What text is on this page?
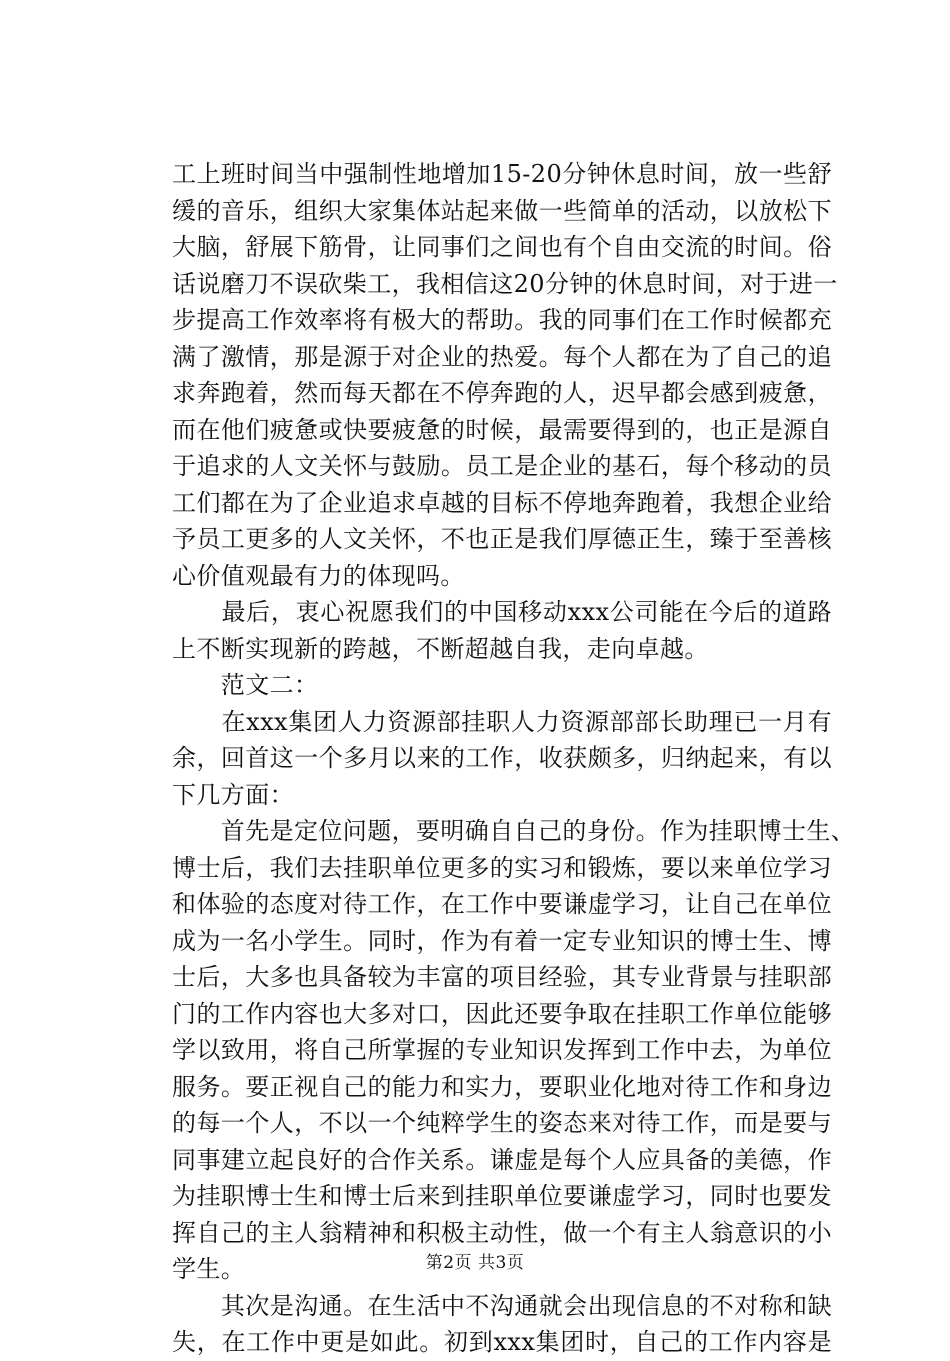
工上班时间当中强制性地增加15-20分钟休息时间，放一些舒
缓的音乐，组织大家集体站起来做一些简单的活动，以放松下
大脑，舒展下筋骨，让同事们之间也有个自由交流的时间。俗
话说磨刀不误砍柴工，我相信这20分钟的休息时间，对于进一
步提高工作效率将有极大的帮助。我的同事们在工作时候都充
满了激情，那是源于对企业的热爱。每个人都在为了自己的追
求奔跑着，然而每天都在不停奔跑的人，迟早都会感到疲惫，
而在他们疲惫或快要疲惫的时候，最需要得到的，也正是源自
于追求的人文关怀与鼓励。员工是企业的基石，每个移动的员
工们都在为了企业追求卓越的目标不停地奔跑着，我想企业给
予员工更多的人文关怀，不也正是我们厚德正生，臻于至善核
心价值观最有力的体现吗。
　　最后，衷心祝愿我们的中国移动xxx公司能在今后的道路
上不断实现新的跨越，不断超越自我，走向卓越。
　　范文二：
　　在xxx集团人力资源部挂职人力资源部部长助理已一月有
余，回首这一个多月以来的工作，收获颇多，归纳起来，有以
下几方面：
　　首先是定位问题，要明确自自己的身份。作为挂职博士生、
博士后，我们去挂职单位更多的实习和锻炼，要以来单位学习
和体验的态度对待工作，在工作中要谦虚学习，让自己在单位
成为一名小学生。同时，作为有着一定专业知识的博士生、博
士后，大多也具备较为丰富的项目经验，其专业背景与挂职部
门的工作内容也大多对口，因此还要争取在挂职工作单位能够
学以致用，将自己所掌握的专业知识发挥到工作中去，为单位
服务。要正视自己的能力和实力，要职业化地对待工作和身边
的每一个人，不以一个纯粹学生的姿态来对待工作，而是要与
同事建立起良好的合作关系。谦虚是每个人应具备的美德，作
为挂职博士生和博士后来到挂职单位要谦虚学习，同时也要发
挥自己的主人翁精神和积极主动性，做一个有主人翁意识的小
学生。
　　其次是沟通。在生活中不沟通就会出现信息的不对称和缺
失，在工作中更是如此。初到xxx集团时，自己的工作内容是
第2页 共3页
